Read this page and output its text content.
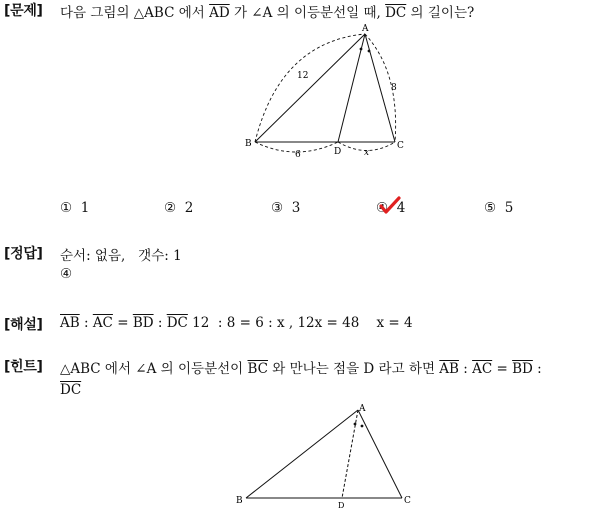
[문제] 다음 그림의 △ABC 에서 $\overline{AD}$ 가 ∠A 의 이등분선일 때, $\overline{DC}$ 의 길이는?
A
B	C
D
12
8
6	x
① 1	② 2	③ 3	④ 4	⑤ 5
[정답] 순서: 없음,   갯수: 1
④
[해설] $\overline{AB}$ : $\overline{AC} = \overline{BD}$ : $\overline{DC}$ 12  : 8 = 6 : x , 12x = 48    x = 4
[힌트] △ABC 에서 ∠A 의 이등분선이 $\overline{BC}$ 와 만나는 점을 D 라고 하면 $\overline{AB}$ : $\overline{AC} = \overline{BD}$ :
$\overline{DC}$
A
B	C
D
